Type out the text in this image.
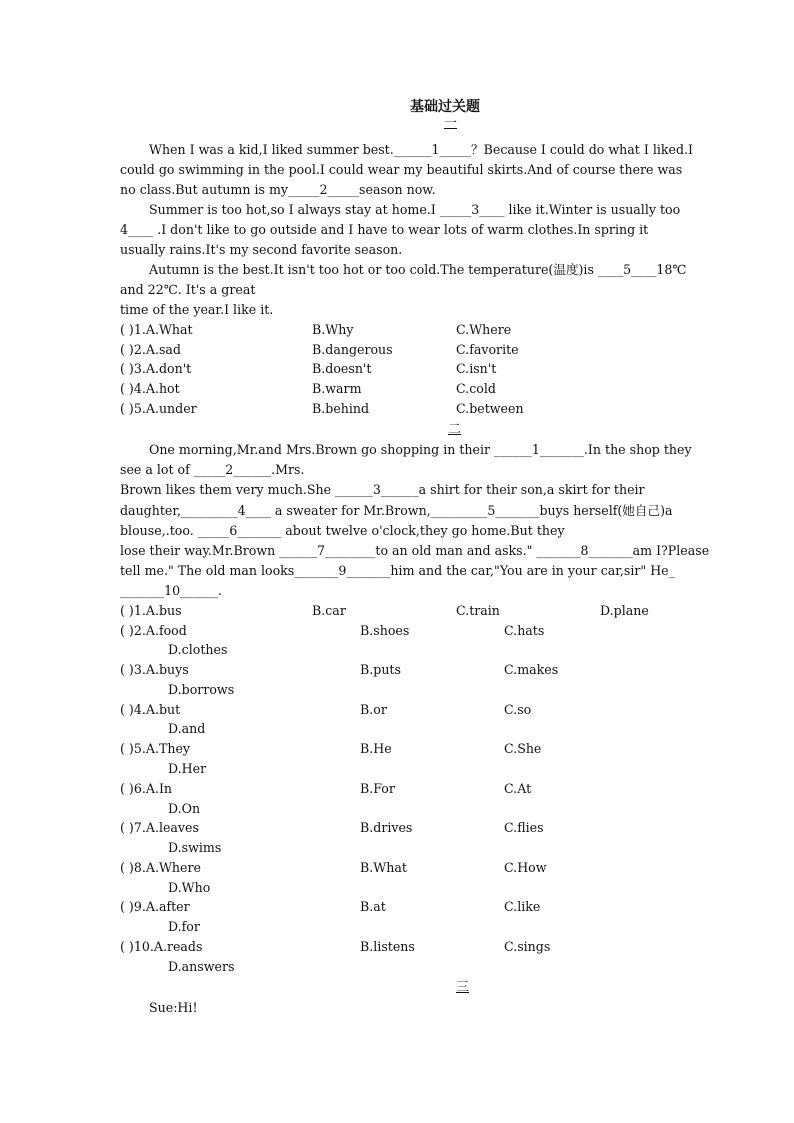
基础过关题
一
When I was a kid,I liked summer best.______1_____？Because I could do what I liked.I
could go swimming in the pool.I could wear my beautiful skirts.And of course there was
no class.But autumn is my_____2_____season now.
Summer is too hot,so I always stay at home.I _____3____ like it.Winter is usually too
4____ .I don't like to go outside and I have to wear lots of warm clothes.In spring it
usually rains.It's my second favorite season.
Autumn is the best.It isn't too hot or too cold.The temperature(温度)is ____5____18℃
and 22℃. It's a great
time of the year.I like it.
( )1.A.What	B.Why	C.Where
( )2.A.sad	B.dangerous	C.favorite
( )3.A.don't	B.doesn't	C.isn't
( )4.A.hot	B.warm	C.cold
( )5.A.under	B.behind	C.between
二
One morning,Mr.and Mrs.Brown go shopping in their ______1_______.In the shop they
see a lot of _____2______.Mrs.
Brown likes them very much.She ______3______a shirt for their son,a skirt for their
daughter,_________4____ a sweater for Mr.Brown,_________5_______buys herself(她自己)a
blouse,.too. _____6_______ about twelve o'clock,they go home.But they
lose their way.Mr.Brown ______7________to an old man and asks." _______8_______am I?Please
tell me." The old man looks_______9_______him and the car,"You are in your car,sir" He_
_______10______.
( )1.A.bus	B.car	C.train	D.plane
( )2.A.food	B.shoes	C.hats
D.clothes
( )3.A.buys	B.puts	C.makes
D.borrows
( )4.A.but	B.or	C.so
D.and
( )5.A.They	B.He	C.She
D.Her
( )6.A.In	B.For	C.At
D.On
( )7.A.leaves	B.drives	C.flies
D.swims
( )8.A.Where	B.What	C.How
D.Who
( )9.A.after	B.at	C.like
D.for
( )10.A.reads	B.listens	C.sings
D.answers
三
Sue:Hi!
